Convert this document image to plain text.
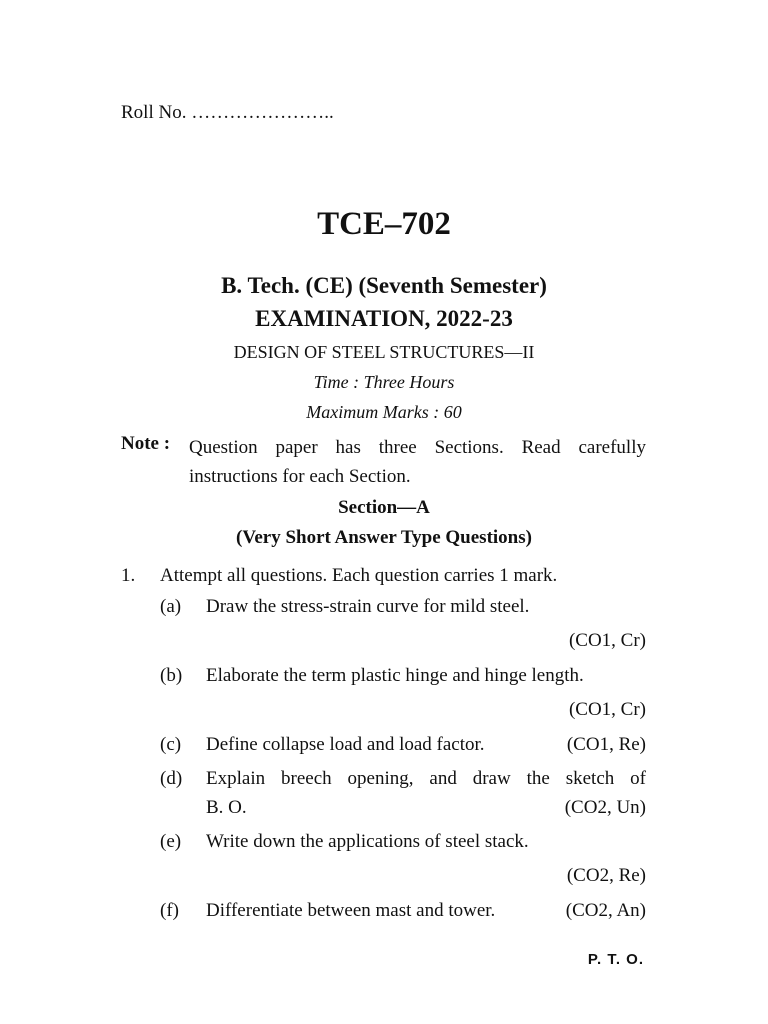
Roll No. …………………..
TCE–702
B. Tech. (CE) (Seventh Semester)
EXAMINATION, 2022-23
DESIGN OF STEEL STRUCTURES—II
Time : Three Hours
Maximum Marks : 60
Note : Question paper has three Sections. Read carefully instructions for each Section.
Section—A
(Very Short Answer Type Questions)
1. Attempt all questions. Each question carries 1 mark.
(a) Draw the stress-strain curve for mild steel.
(CO1, Cr)
(b) Elaborate the term plastic hinge and hinge length.
(CO1, Cr)
(c) Define collapse load and load factor.	(CO1, Re)
(d) Explain breech opening, and draw the sketch of
B. O.	(CO2, Un)
(e) Write down the applications of steel stack.
(CO2, Re)
(f) Differentiate between mast and tower.	(CO2, An)
P. T. O.
